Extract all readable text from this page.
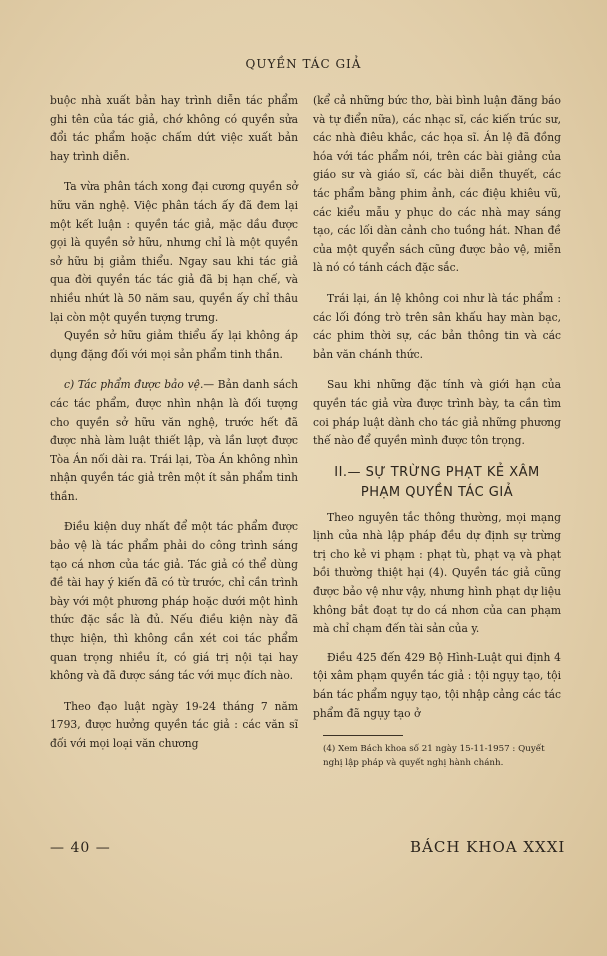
QUYỀN TÁC GIẢ

buộc nhà xuất bản hay trình diễn tác phẩm ghi tên của tác giả, chớ không có quyền sửa đổi tác phẩm hoặc chấm dứt việc xuất bản hay trình diễn.

Ta vừa phân tách xong đại cương quyền sở hữu văn nghệ. Việc phân tách ấy đã đem lại một kết luận : quyền tác giả, mặc dầu được gọi là quyền sở hữu, nhưng chỉ là một quyền sở hữu bị giảm thiểu. Ngay sau khi tác giả qua đời quyền tác tác giả đã bị hạn chế, và nhiều nhứt là 50 năm sau, quyền ấy chỉ thâu lại còn một quyền tượng trưng.

Quyền sở hữu giảm thiểu ấy lại không áp dụng đặng đối với mọi sản phẩm tinh thần.

c) Tác phẩm được bảo vệ.— Bản danh sách các tác phẩm, được nhìn nhận là đối tượng cho quyền sở hữu văn nghệ, trước hết đã được nhà làm luật thiết lập, và lần lượt được Tòa Án nối dài ra. Trái lại, Tòa Án không nhìn nhận quyền tác giả trên một ít sản phẩm tinh thần.

Điều kiện duy nhất để một tác phẩm được bảo vệ là tác phẩm phải do công trình sáng tạo cá nhơn của tác giả. Tác giả có thể dùng đề tài hay ý kiến đã có từ trước, chỉ cần trình bày với một phương pháp hoặc dưới một hình thức đặc sắc là đủ. Nếu điều kiện này đã thực hiện, thì không cần xét coi tác phẩm quan trọng nhiều ít, có giá trị nội tại hay không và đã được sáng tác với mục đích nào.

Theo đạo luật ngày 19-24 tháng 7 năm 1793, được hưởng quyền tác giả : các văn sĩ đối với mọi loại văn chương

(kể cả những bức thơ, bài bình luận đăng báo và tự điển nữa), các nhạc sĩ, các kiến trúc sư, các nhà điêu khắc, các họa sĩ. Án lệ đã đồng hóa với tác phẩm nói, trên các bài giảng của giáo sư và giáo sĩ, các bài diễn thuyết, các tác phẩm bằng phim ảnh, các điệu khiêu vũ, các kiểu mẫu y phục do các nhà may sáng tạo, các lối dàn cảnh cho tuồng hát. Nhan đề của một quyển sách cũng được bảo vệ, miễn là nó có tánh cách đặc sắc.

Trái lại, án lệ không coi như là tác phẩm : các lối đóng trò trên sân khấu hay màn bạc, các phim thời sự, các bản thông tin và các bản văn chánh thức.

Sau khi những đặc tính và giới hạn của quyền tác giả vừa được trình bày, ta cần tìm coi pháp luật dành cho tác giả những phương thế nào để quyền mình được tôn trọng.

II.— SỰ TRỪNG PHẠT KẺ XÂM PHẠM QUYỀN TÁC GIẢ

Theo nguyên tắc thông thường, mọi mạng lịnh của nhà lập pháp đều dự định sự trừng trị cho kẻ vi phạm : phạt tù, phạt vạ và phạt bồi thường thiệt hại (4). Quyền tác giả cũng được bảo vệ như vậy, nhưng hình phạt dự liệu không bắt đoạt tự do cá nhơn của can phạm mà chỉ chạm đến tài sản của y.

Điều 425 đến 429 Bộ Hình-Luật qui định 4 tội xâm phạm quyền tác giả : tội ngụy tạo, tội bán tác phẩm ngụy tạo, tội nhập cảng các tác phẩm đã ngụy tạo ở

(4) Xem Bách khoa số 21 ngày 15-11-1957 : Quyết nghị lập pháp và quyết nghị hành chánh.
— 40 —	BÁCH KHOA XXXI
